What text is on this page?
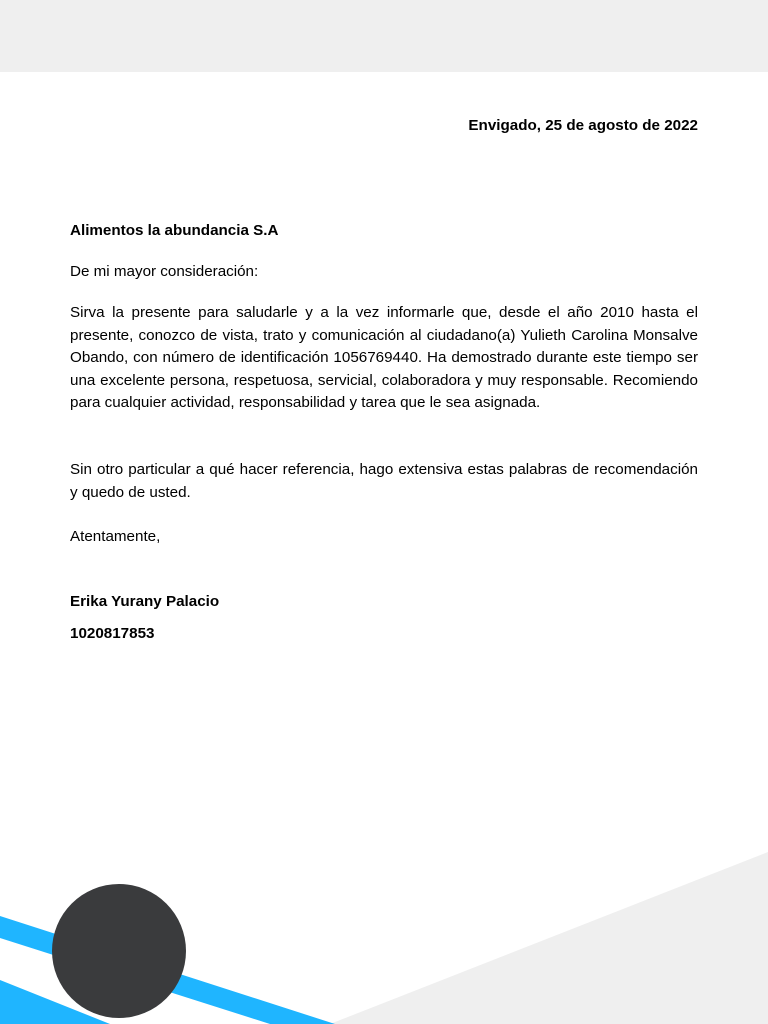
Envigado, 25 de agosto de 2022
Alimentos la abundancia S.A
De mi mayor consideración:

Sirva la presente para saludarle y a la vez informarle que, desde el año 2010 hasta el presente, conozco de vista, trato y comunicación al ciudadano(a) Yulieth Carolina Monsalve Obando, con número de identificación 1056769440. Ha demostrado durante este tiempo ser una excelente persona, respetuosa, servicial, colaboradora y muy responsable. Recomiendo para cualquier actividad, responsabilidad y tarea que le sea asignada.

Sin otro particular a qué hacer referencia, hago extensiva estas palabras de recomendación y quedo de usted.

Atentamente,
Erika Yurany Palacio
1020817853
